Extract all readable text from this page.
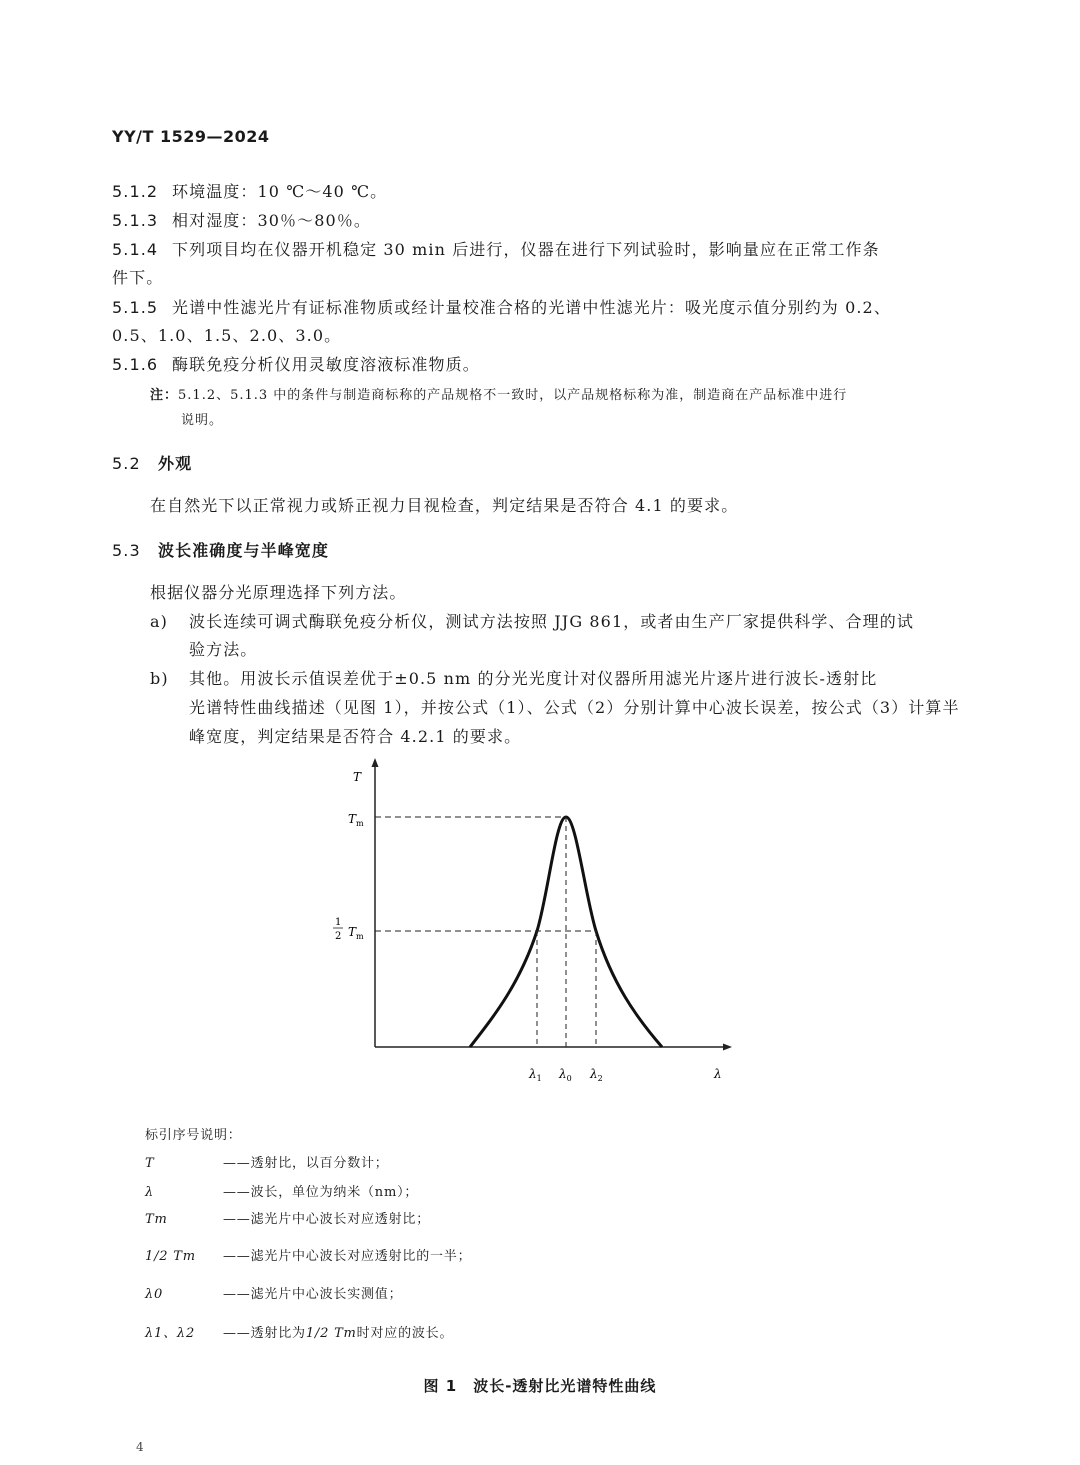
YY/T 1529—2024
5.1.2 环境温度：10 ℃～40 ℃。
5.1.3 相对湿度：30％～80％。
5.1.4 下列项目均在仪器开机稳定 30 min 后进行，仪器在进行下列试验时，影响量应在正常工作条
件下。
5.1.5 光谱中性滤光片有证标准物质或经计量校准合格的光谱中性滤光片：吸光度示值分别约为 0.2、
0.5、1.0、1.5、2.0、3.0。
5.1.6 酶联免疫分析仪用灵敏度溶液标准物质。
注：5.1.2、5.1.3 中的条件与制造商标称的产品规格不一致时，以产品规格标称为准，制造商在产品标准中进行
说明。
5.2 外观
在自然光下以正常视力或矫正视力目视检查，判定结果是否符合 4.1 的要求。
5.3 波长准确度与半峰宽度
根据仪器分光原理选择下列方法。
a) 波长连续可调式酶联免疫分析仪，测试方法按照 JJG 861，或者由生产厂家提供科学、合理的试
验方法。
b) 其他。用波长示值误差优于±0.5 nm 的分光光度计对仪器所用滤光片逐片进行波长-透射比
光谱特性曲线描述（见图 1），并按公式（1）、公式（2）分别计算中心波长误差，按公式（3）计算半
峰宽度，判定结果是否符合 4.2.1 的要求。
T
$T_m$
1
2 $T_m$
$\lambda_1$ $\lambda_0$ $\lambda_2$	λ
标引序号说明：
T	——透射比，以百分数计；
λ	——波长，单位为纳米（nm）；
Tm	——滤光片中心波长对应透射比；
1/2 Tm ——滤光片中心波长对应透射比的一半；
λ0	——滤光片中心波长实测值；
λ1、λ2 ——透射比为1/2 Tm时对应的波长。
图 1　波长-透射比光谱特性曲线
4
